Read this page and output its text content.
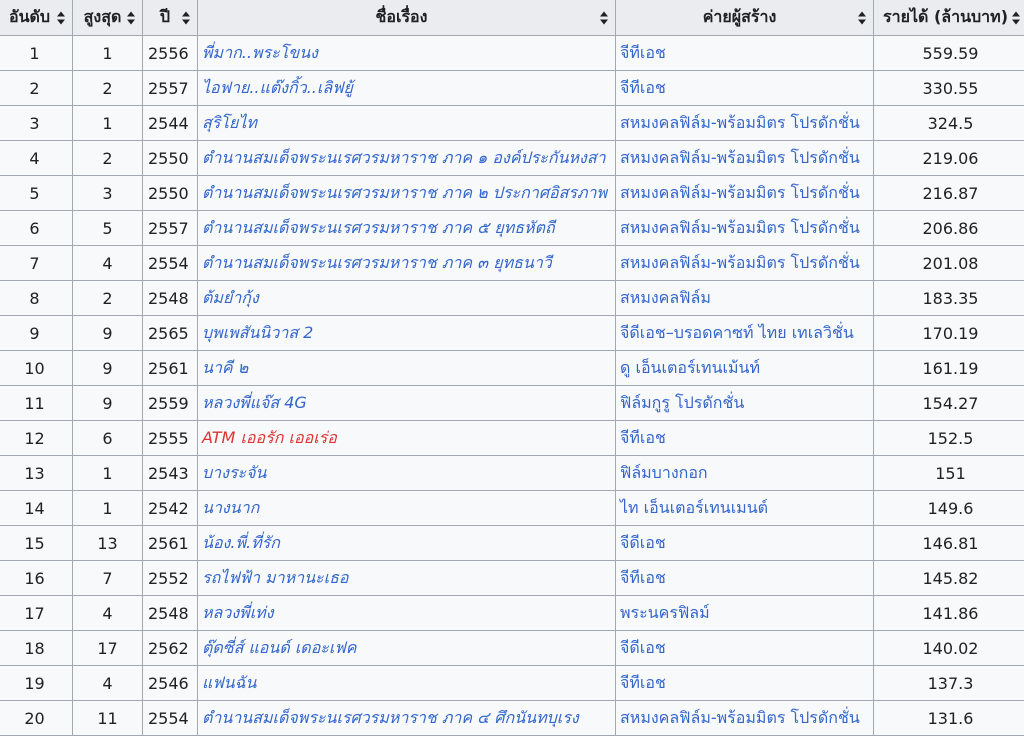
อันดับ	สูงสุด	ปี	ชื่อเรื่อง	ค่ายผู้สร้าง	รายได้ (ล้านบาท)

1	1	2556	พี่มาก..พระโขนง	จีทีเอช	559.59
2	2	2557	ไอฟาย..แต๊งกิ้ว..เลิฟยู้	จีทีเอช	330.55
3	1	2544	สุริโยไท	สหมงคลฟิล์ม-พร้อมมิตร โปรดักชั่น	324.5
4	2	2550	ตำนานสมเด็จพระนเรศวรมหาราช ภาค ๑ องค์ประกันหงสา	สหมงคลฟิล์ม-พร้อมมิตร โปรดักชั่น	219.06
5	3	2550	ตำนานสมเด็จพระนเรศวรมหาราช ภาค ๒ ประกาศอิสรภาพ	สหมงคลฟิล์ม-พร้อมมิตร โปรดักชั่น	216.87
6	5	2557	ตำนานสมเด็จพระนเรศวรมหาราช ภาค ๕ ยุทธหัตถี	สหมงคลฟิล์ม-พร้อมมิตร โปรดักชั่น	206.86
7	4	2554	ตำนานสมเด็จพระนเรศวรมหาราช ภาค ๓ ยุทธนาวี	สหมงคลฟิล์ม-พร้อมมิตร โปรดักชั่น	201.08
8	2	2548	ต้มยำกุ้ง	สหมงคลฟิล์ม	183.35
9	9	2565	บุพเพสันนิวาส 2	จีดีเอช–บรอดคาซท์ ไทย เทเลวิชั่น	170.19
10	9	2561	นาคี ๒	ดู เอ็นเตอร์เทนเม้นท์	161.19
11	9	2559	หลวงพี่แจ๊ส 4G	ฟิล์มกูรู โปรดักชั่น	154.27
12	6	2555	ATM เออรัก เออเร่อ	จีทีเอช	152.5
13	1	2543	บางระจัน	ฟิล์มบางกอก	151
14	1	2542	นางนาก	ไท เอ็นเตอร์เทนเมนต์	149.6
15	13	2561	น้อง.พี่.ที่รัก	จีดีเอช	146.81
16	7	2552	รถไฟฟ้า มาหานะเธอ	จีทีเอช	145.82
17	4	2548	หลวงพี่เท่ง	พระนครฟิลม์	141.86
18	17	2562	ตุ๊ดซี่ส์ แอนด์ เดอะเฟค	จีดีเอช	140.02
19	4	2546	แฟนฉัน	จีทีเอช	137.3
20	11	2554	ตำนานสมเด็จพระนเรศวรมหาราช ภาค ๔ ศึกนันทบุเรง	สหมงคลฟิล์ม-พร้อมมิตร โปรดักชั่น	131.6
